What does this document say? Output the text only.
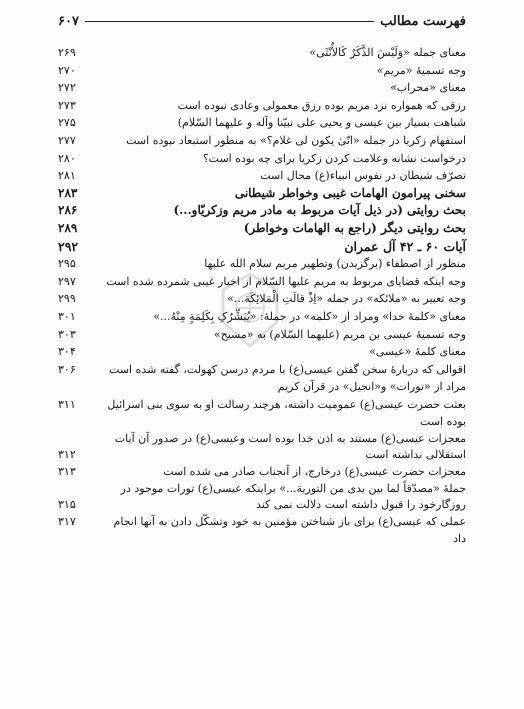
فهرست مطالب
۶۰۷
معنای جمله «وَلَيْسَ الذَّكَرُ كَالأُنْثَى»
۲۶۹
وجه تسمیهٔ «مریم»
۲۷۰
معنای «محراب»
۲۷۲
رزقی که همواره نزد مریم بوده رزق معمولی وعادی نبوده است
۲۷۳
شباهت بسیار بین عیسی و یحیی علی نبیّنا وآله و علیهما السّلام)
۲۷۵
استفهام زکریا در جمله «انّیٰ یکون لی غلام؟» به منظور استبعاد نبوده است
۲۷۷
درخواست نشانه وعلامت کردن زکریا برای چه بوده است؟
۲۸۰
تصرّف شیطان در نفوس انبیاء(ع) محال است
۲۸۱
سخنی پیرامون الهامات غیبی وخواطر شیطانی
۲۸۳
بحث روایتی (در ذیل آیات مربوط به مادر مریم وزکریّاو...)
۲۸۶
بحث روایتی دیگر (راجع به الهامات وخواطر)
۲۸۹
آیات ۶۰ ـ ۴۲ آل عمران
۲۹۲
منظور از اصطفاء (برگزیدن) وتطهیر مریم سلام الله علیها
۲۹۵
وجه اینکه قضایای مربوط به مریم علیها السّلام از اخبار غیبی شمرده شده است
۲۹۷
وجه تعبیر به «ملائکه» در جمله «اِذْ قالَتِ الْمَلائِکَة...»
۲۹۹
معنای «کلمهٔ خدا» ومراد از «کلمه» در جملهٔ: «یُبَشِّرُکِ بِکَلِمَةٍ مِنْهُ...»
۳۰۱
وجه تسمیهٔ عیسی بن مریم (علیهما السّلام) به «مسیح»
۳۰۳
معنای کلمهٔ «عیسی»
۳۰۴
اقوالی که دربارهٔ سخن گفتن عیسی(ع) با مردم درسن کهولت، گفته شده است
۳۰۶
مراد از «تورات» و«انجیل» در قرآن کریم
بعثت حضرت عیسی(ع) عمومیت داشته، هرچند رسالت او به سوی بنی اسرائیل بوده است
۳۱۱
معجزات عیسی(ع) مستند به اذن خدا بوده است وعیسی(ع) در صدور آن آیات استقلالی نداشته است
۳۱۲
معجزات حضرت عیسی(ع) درخارج، از آنجناب صادر می شده است
۳۱۳
جملهٔ «مصدّقاً لما بین یدی من التوریة...» براینکه عیسی(ع) تورات موجود در روزگارخود را قبول داشته است دلالت نمی کند
۳۱۵
عملی که عیسی(ع) برای باز شناختن مؤمنین به خود وتشکّل دادن به آنها انجام داد
۳۱۷
